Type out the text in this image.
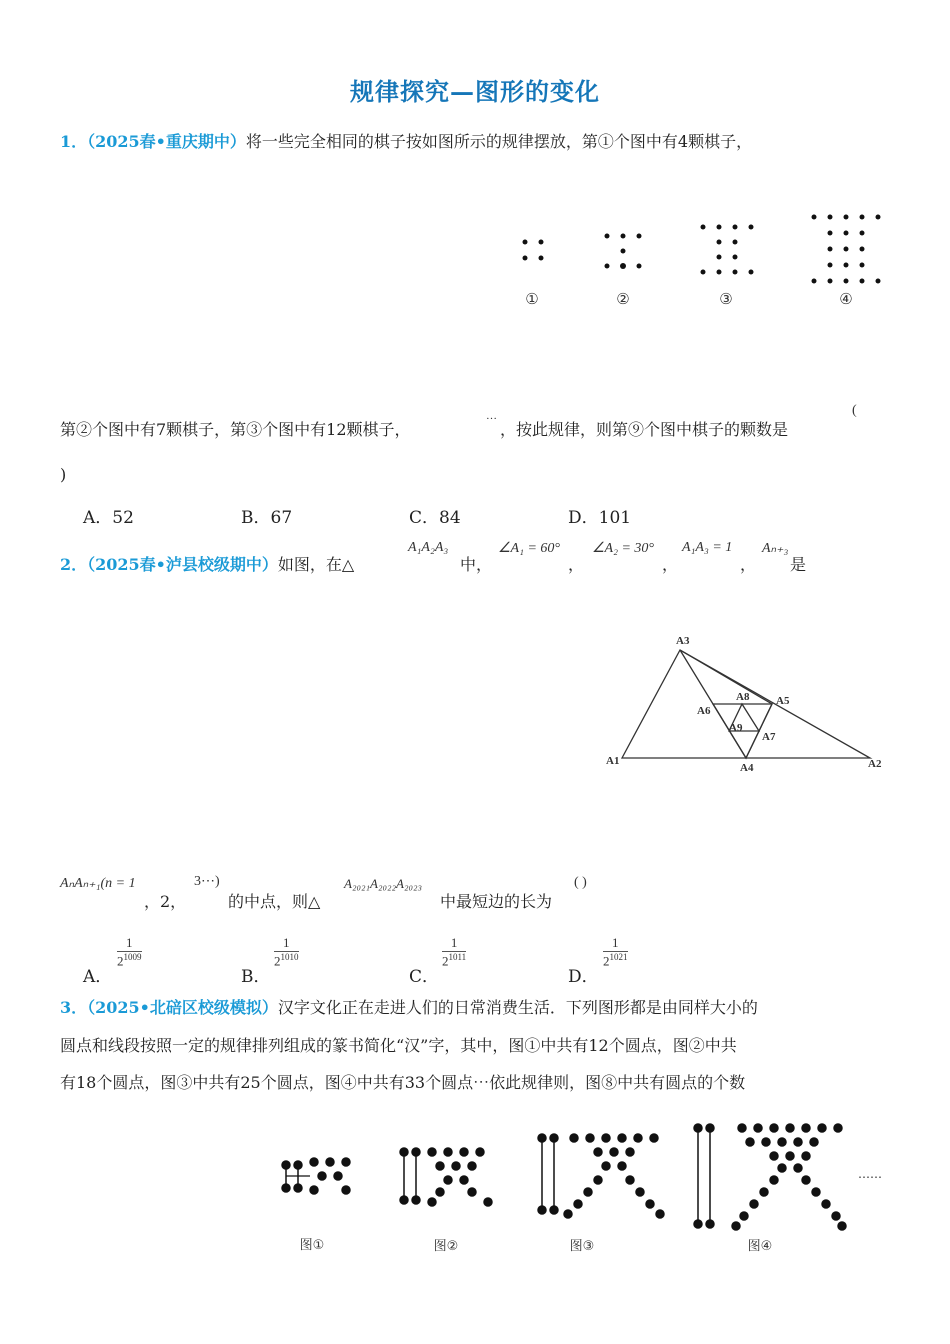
规律探究—图形的变化
1．（2025春•重庆期中）将一些完全相同的棋子按如图所示的规律摆放，第①个图中有4颗棋子，
①	②	③	④
…
第②个图中有7颗棋子，第③个图中有12颗棋子，	，按此规律，则第⑨个图中棋子的颗数是
(
)
A．52	B．67	C．84	D．101
2．（2025春•泸县校级期中）如图，在△
A₁A₂A₃
中，
∠A₁ = 60°
，
∠A₂ = 30°
，
A₁A₃ = 1
，
Aₙ₊₃
是
A3
A8 A5
A6
A9
A7
A1
A4	A2
AₙAₙ₊₁(n = 1
，2，
3⋯)
的中点，则△
A₂₀₂₁A₂₀₂₂A₂₀₂₃
中最短边的长为
( )
A．
$\frac{1}{2^{1009}}$
B．
$\frac{1}{2^{1010}}$
C．
$\frac{1}{2^{1011}}$
D．
$\frac{1}{2^{1021}}$
3．（2025•北碚区校级模拟）汉字文化正在走进人们的日常消费生活．下列图形都是由同样大小的
圆点和线段按照一定的规律排列组成的篆书简化“汉”字，其中，图①中共有12个圆点，图②中共
有18个圆点，图③中共有25个圆点，图④中共有33个圆点⋯依此规律则，图⑧中共有圆点的个数
图①	图②	图③	图④
……
